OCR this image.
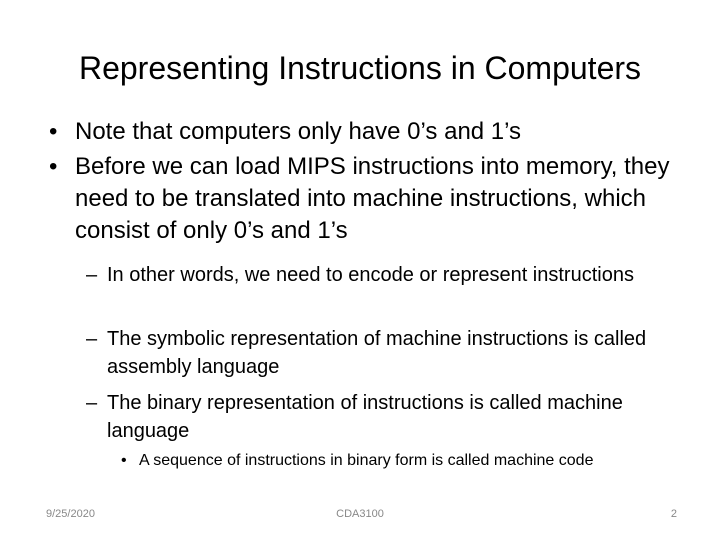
Representing Instructions in Computers
• Note that computers only have 0’s and 1’s
• Before we can load MIPS instructions into memory, they need to be translated into machine instructions, which consist of only 0’s and 1’s
– In other words, we need to encode or represent instructions
– The symbolic representation of machine instructions is called assembly language
– The binary representation of instructions is called machine language
• A sequence of instructions in binary form is called machine code
9/25/2020	CDA3100	2
